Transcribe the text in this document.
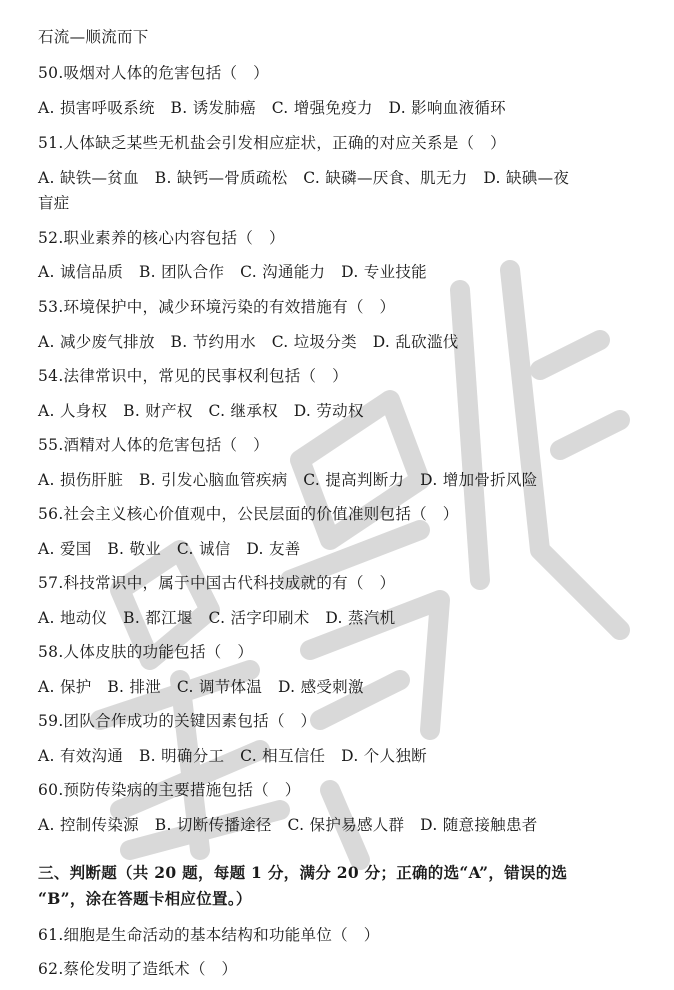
石流—顺流而下
50.吸烟对人体的危害包括（　）
A. 损害呼吸系统　B. 诱发肺癌　C. 增强免疫力　D. 影响血液循环
51.人体缺乏某些无机盐会引发相应症状，正确的对应关系是（　）
A. 缺铁—贫血　B. 缺钙—骨质疏松　C. 缺磷—厌食、肌无力　D. 缺碘—夜
盲症
52.职业素养的核心内容包括（　）
A. 诚信品质　B. 团队合作　C. 沟通能力　D. 专业技能
53.环境保护中，减少环境污染的有效措施有（　）
A. 减少废气排放　B. 节约用水　C. 垃圾分类　D. 乱砍滥伐
54.法律常识中，常见的民事权利包括（　）
A. 人身权　B. 财产权　C. 继承权　D. 劳动权
55.酒精对人体的危害包括（　）
A. 损伤肝脏　B. 引发心脑血管疾病　C. 提高判断力　D. 增加骨折风险
56.社会主义核心价值观中，公民层面的价值准则包括（　）
A. 爱国　B. 敬业　C. 诚信　D. 友善
57.科技常识中，属于中国古代科技成就的有（　）
A. 地动仪　B. 都江堰　C. 活字印刷术　D. 蒸汽机
58.人体皮肤的功能包括（　）
A. 保护　B. 排泄　C. 调节体温　D. 感受刺激
59.团队合作成功的关键因素包括（　）
A. 有效沟通　B. 明确分工　C. 相互信任　D. 个人独断
60.预防传染病的主要措施包括（　）
A. 控制传染源　B. 切断传播途径　C. 保护易感人群　D. 随意接触患者
三、判断题（共 20 题，每题 1 分，满分 20 分；正确的选“A”，错误的选
“B”，涂在答题卡相应位置。）
61.细胞是生命活动的基本结构和功能单位（　）
62.蔡伦发明了造纸术（　）
